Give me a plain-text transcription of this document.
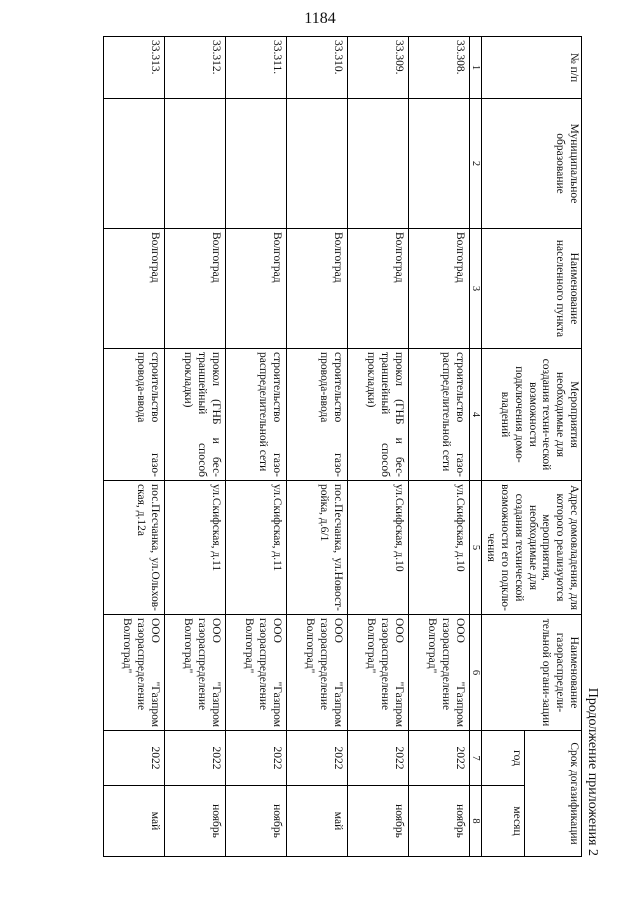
1184
Продолжение приложения 2
№ п/п	Муниципальное образование	Наименование населенного пункта	Мероприятия необходимые для создания техни-ческой возможности подключения домо-владений	Адрес домовладения, для которого реализуются мероприятия, необходимые для создания технической возможности его подклю-чения	Наименование газораспредели-тельной органи-зации	Срок догазификации	
						год	месяц
1	2	3	4	5	6	7	8
33.308.		Волгоград	строительство газо-распределительной сети	ул.Скифская, д.10	ООО "Газпром газораспределение Волгоград"	2022	ноябрь
33.309.		Волгоград	прокол (ГНБ и бес-траншейный способ прокладки)	ул.Скифская, д.10	ООО "Газпром газораспределение Волгоград"	2022	ноябрь
33.310.		Волгоград	строительство газо-провода-ввода	пос.Песчанка, ул.Новост-ройка, д.6/1	ООО "Газпром газораспределение Волгоград"	2022	май
33.311.		Волгоград	строительство газо-распределительной сети	ул.Скифская, д.11	ООО "Газпром газораспределение Волгоград"	2022	ноябрь
33.312.		Волгоград	прокол (ГНБ и бес-траншейный способ прокладки)	ул.Скифская, д.11	ООО "Газпром газораспределение Волгоград"	2022	ноябрь
33.313.		Волгоград	строительство газо-провода-ввода	пос.Песчанка, ул.Ольхов-ская, д.12а	ООО "Газпром газораспределение Волгоград"	2022	май
